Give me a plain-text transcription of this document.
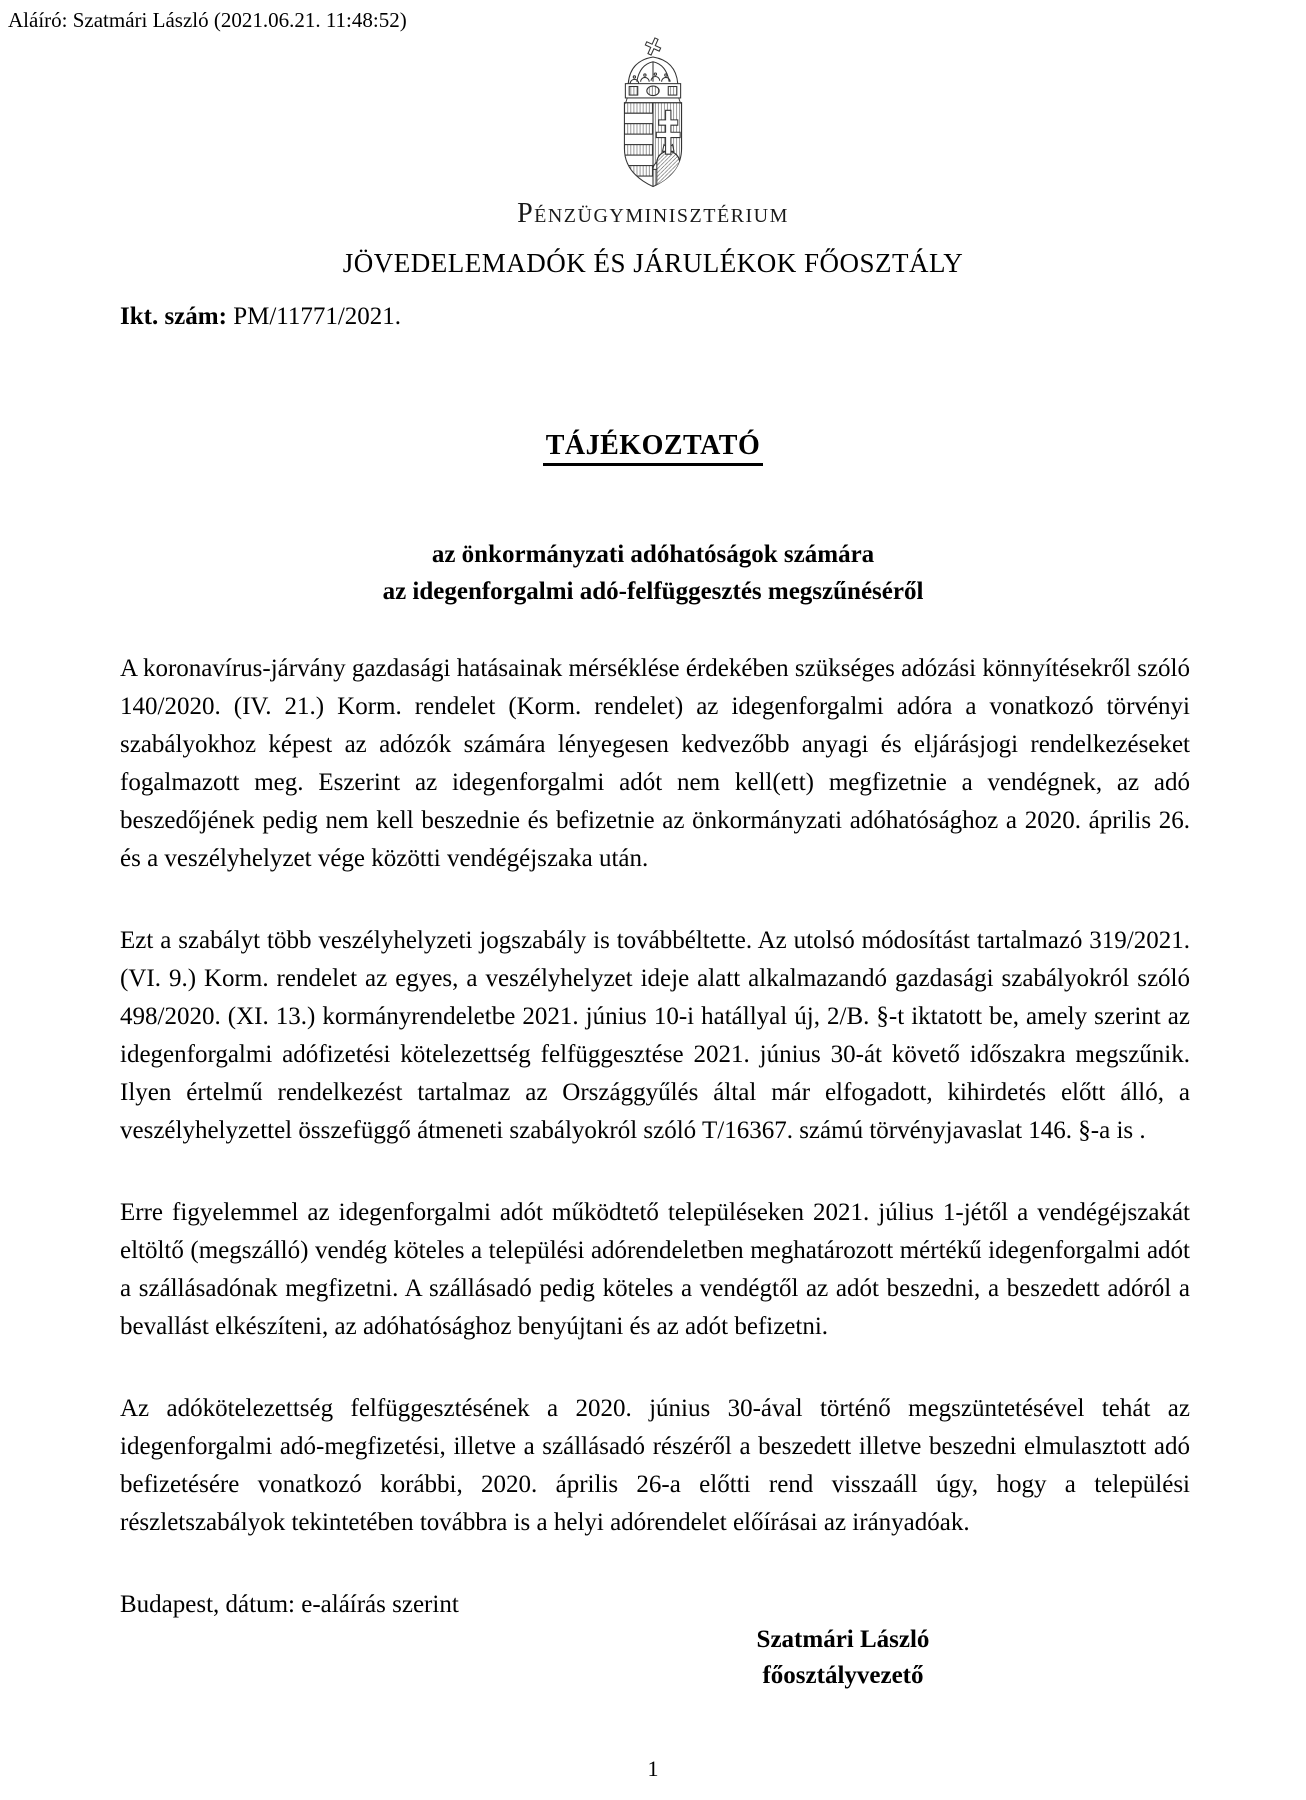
Aláíró: Szatmári László (2021.06.21. 11:48:52)
Pénzügyminisztérium
JÖVEDELEMADÓK ÉS JÁRULÉKOK FŐOSZTÁLY
Ikt. szám: PM/11771/2021.
TÁJÉKOZTATÓ
az önkormányzati adóhatóságok számára
az idegenforgalmi adó-felfüggesztés megszűnéséről

A koronavírus-járvány gazdasági hatásainak mérséklése érdekében szükséges adózási könnyítésekről szóló 140/2020. (IV. 21.) Korm. rendelet (Korm. rendelet) az idegenforgalmi adóra a vonatkozó törvényi szabályokhoz képest az adózók számára lényegesen kedvezőbb anyagi és eljárásjogi rendelkezéseket fogalmazott meg. Eszerint az idegenforgalmi adót nem kell(ett) megfizetnie a vendégnek, az adó beszedőjének pedig nem kell beszednie és befizetnie az önkormányzati adóhatósághoz a 2020. április 26. és a veszélyhelyzet vége közötti vendégéjszaka után.

Ezt a szabályt több veszélyhelyzeti jogszabály is továbbéltette. Az utolsó módosítást tartalmazó 319/2021. (VI. 9.) Korm. rendelet az egyes, a veszélyhelyzet ideje alatt alkalmazandó gazdasági szabályokról szóló 498/2020. (XI. 13.) kormányrendeletbe 2021. június 10-i hatállyal új, 2/B. §-t iktatott be, amely szerint az idegenforgalmi adófizetési kötelezettség felfüggesztése 2021. június 30-át követő időszakra megszűnik. Ilyen értelmű rendelkezést tartalmaz az Országgyűlés által már elfogadott, kihirdetés előtt álló, a veszélyhelyzettel összefüggő átmeneti szabályokról szóló T/16367. számú törvényjavaslat 146. §-a is .

Erre figyelemmel az idegenforgalmi adót működtető településeken 2021. július 1-jétől a vendégéjszakát eltöltő (megszálló) vendég köteles a települési adórendeletben meghatározott mértékű idegenforgalmi adót a szállásadónak megfizetni. A szállásadó pedig köteles a vendégtől az adót beszedni, a beszedett adóról a bevallást elkészíteni, az adóhatósághoz benyújtani és az adót befizetni.

Az adókötelezettség felfüggesztésének a 2020. június 30-ával történő megszüntetésével tehát az idegenforgalmi adó-megfizetési, illetve a szállásadó részéről a beszedett illetve beszedni elmulasztott adó befizetésére vonatkozó korábbi, 2020. április 26-a előtti rend visszaáll úgy, hogy a települési részletszabályok tekintetében továbbra is a helyi adórendelet előírásai az irányadóak.

Budapest, dátum: e-aláírás szerint

Szatmári László
főosztályvezető
1
